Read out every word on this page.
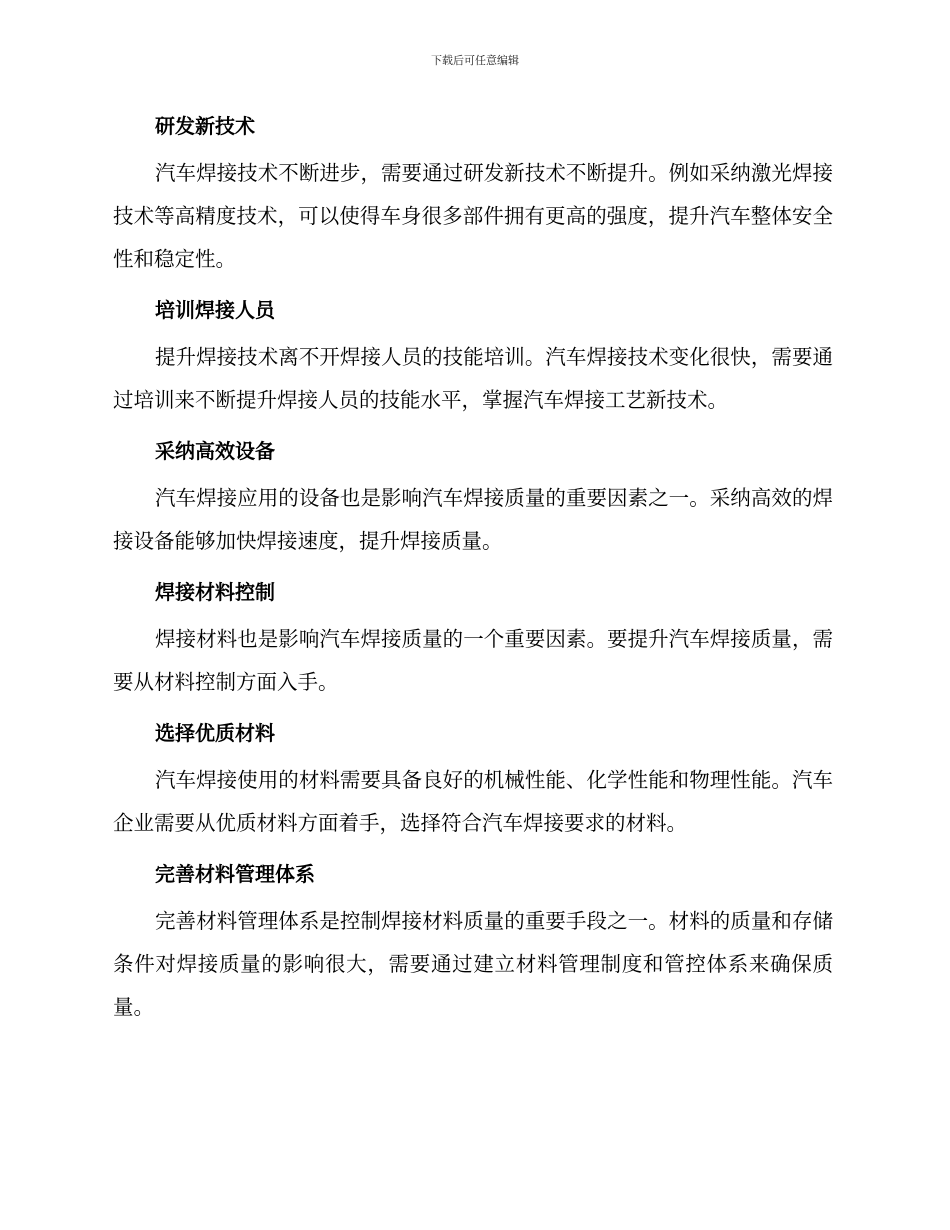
下载后可任意编辑
研发新技术
汽车焊接技术不断进步，需要通过研发新技术不断提升。例如采纳激光焊接技术等高精度技术，可以使得车身很多部件拥有更高的强度，提升汽车整体安全性和稳定性。
培训焊接人员
提升焊接技术离不开焊接人员的技能培训。汽车焊接技术变化很快，需要通过培训来不断提升焊接人员的技能水平，掌握汽车焊接工艺新技术。
采纳高效设备
汽车焊接应用的设备也是影响汽车焊接质量的重要因素之一。采纳高效的焊接设备能够加快焊接速度，提升焊接质量。
焊接材料控制
焊接材料也是影响汽车焊接质量的一个重要因素。要提升汽车焊接质量，需要从材料控制方面入手。
选择优质材料
汽车焊接使用的材料需要具备良好的机械性能、化学性能和物理性能。汽车企业需要从优质材料方面着手，选择符合汽车焊接要求的材料。
完善材料管理体系
完善材料管理体系是控制焊接材料质量的重要手段之一。材料的质量和存储条件对焊接质量的影响很大，需要通过建立材料管理制度和管控体系来确保质量。
